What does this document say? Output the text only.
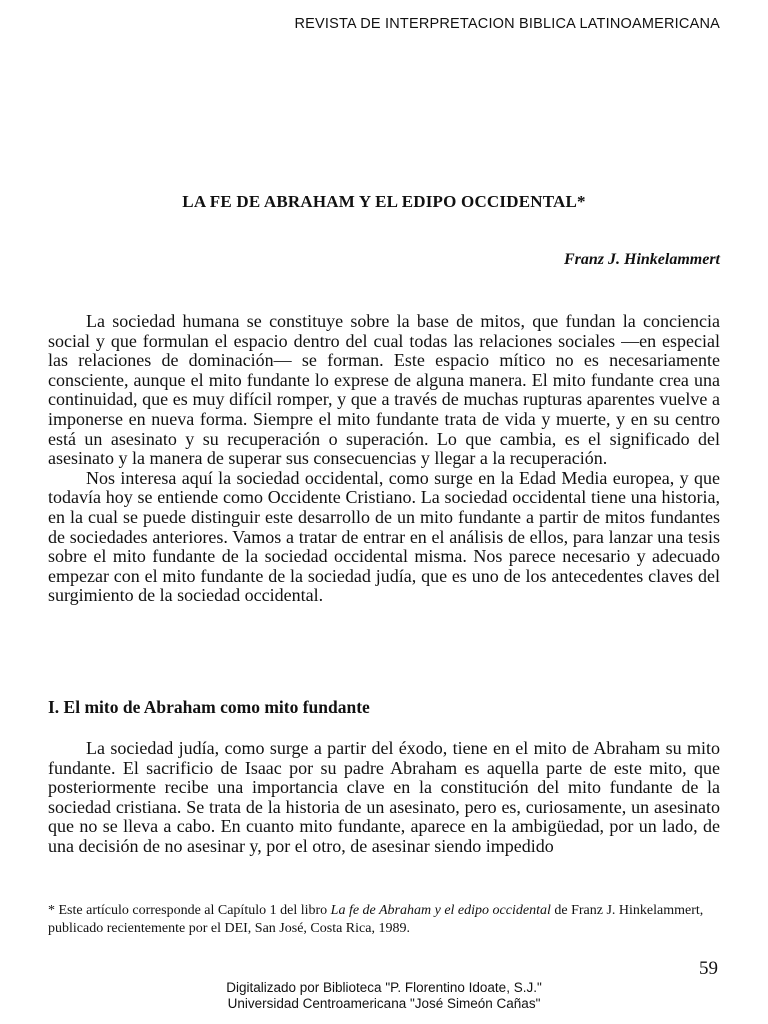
REVISTA DE INTERPRETACION BIBLICA LATINOAMERICANA
LA FE DE ABRAHAM Y EL EDIPO OCCIDENTAL*
Franz J. Hinkelammert

La sociedad humana se constituye sobre la base de mitos, que fundan la conciencia social y que formulan el espacio dentro del cual todas las relaciones sociales —en especial las relaciones de dominación— se forman. Este espacio mítico no es necesariamente consciente, aunque el mito fundante lo exprese de alguna manera. El mito fundante crea una continuidad, que es muy difícil romper, y que a través de muchas rupturas aparentes vuelve a imponerse en nueva forma. Siempre el mito fundante trata de vida y muerte, y en su centro está un asesinato y su recuperación o superación. Lo que cambia, es el significado del asesinato y la manera de superar sus consecuencias y llegar a la recuperación.

Nos interesa aquí la sociedad occidental, como surge en la Edad Media europea, y que todavía hoy se entiende como Occidente Cristiano. La sociedad occidental tiene una historia, en la cual se puede distinguir este desarrollo de un mito fundante a partir de mitos fundantes de sociedades anteriores. Vamos a tratar de entrar en el análisis de ellos, para lanzar una tesis sobre el mito fundante de la sociedad occidental misma. Nos parece necesario y adecuado empezar con el mito fundante de la sociedad judía, que es uno de los antecedentes claves del surgimiento de la sociedad occidental.

I. El mito de Abraham como mito fundante

La sociedad judía, como surge a partir del éxodo, tiene en el mito de Abraham su mito fundante. El sacrificio de Isaac por su padre Abraham es aquella parte de este mito, que posteriormente recibe una importancia clave en la constitución del mito fundante de la sociedad cristiana. Se trata de la historia de un asesinato, pero es, curiosamente, un asesinato que no se lleva a cabo. En cuanto mito fundante, aparece en la ambigüedad, por un lado, de una decisión de no asesinar y, por el otro, de asesinar siendo impedido

* Este artículo corresponde al Capítulo 1 del libro La fe de Abraham y el edipo occidental de Franz J. Hinkelammert, publicado recientemente por el DEI, San José, Costa Rica, 1989.
59
Digitalizado por Biblioteca "P. Florentino Idoate, S.J."
Universidad Centroamericana "José Simeón Cañas"
